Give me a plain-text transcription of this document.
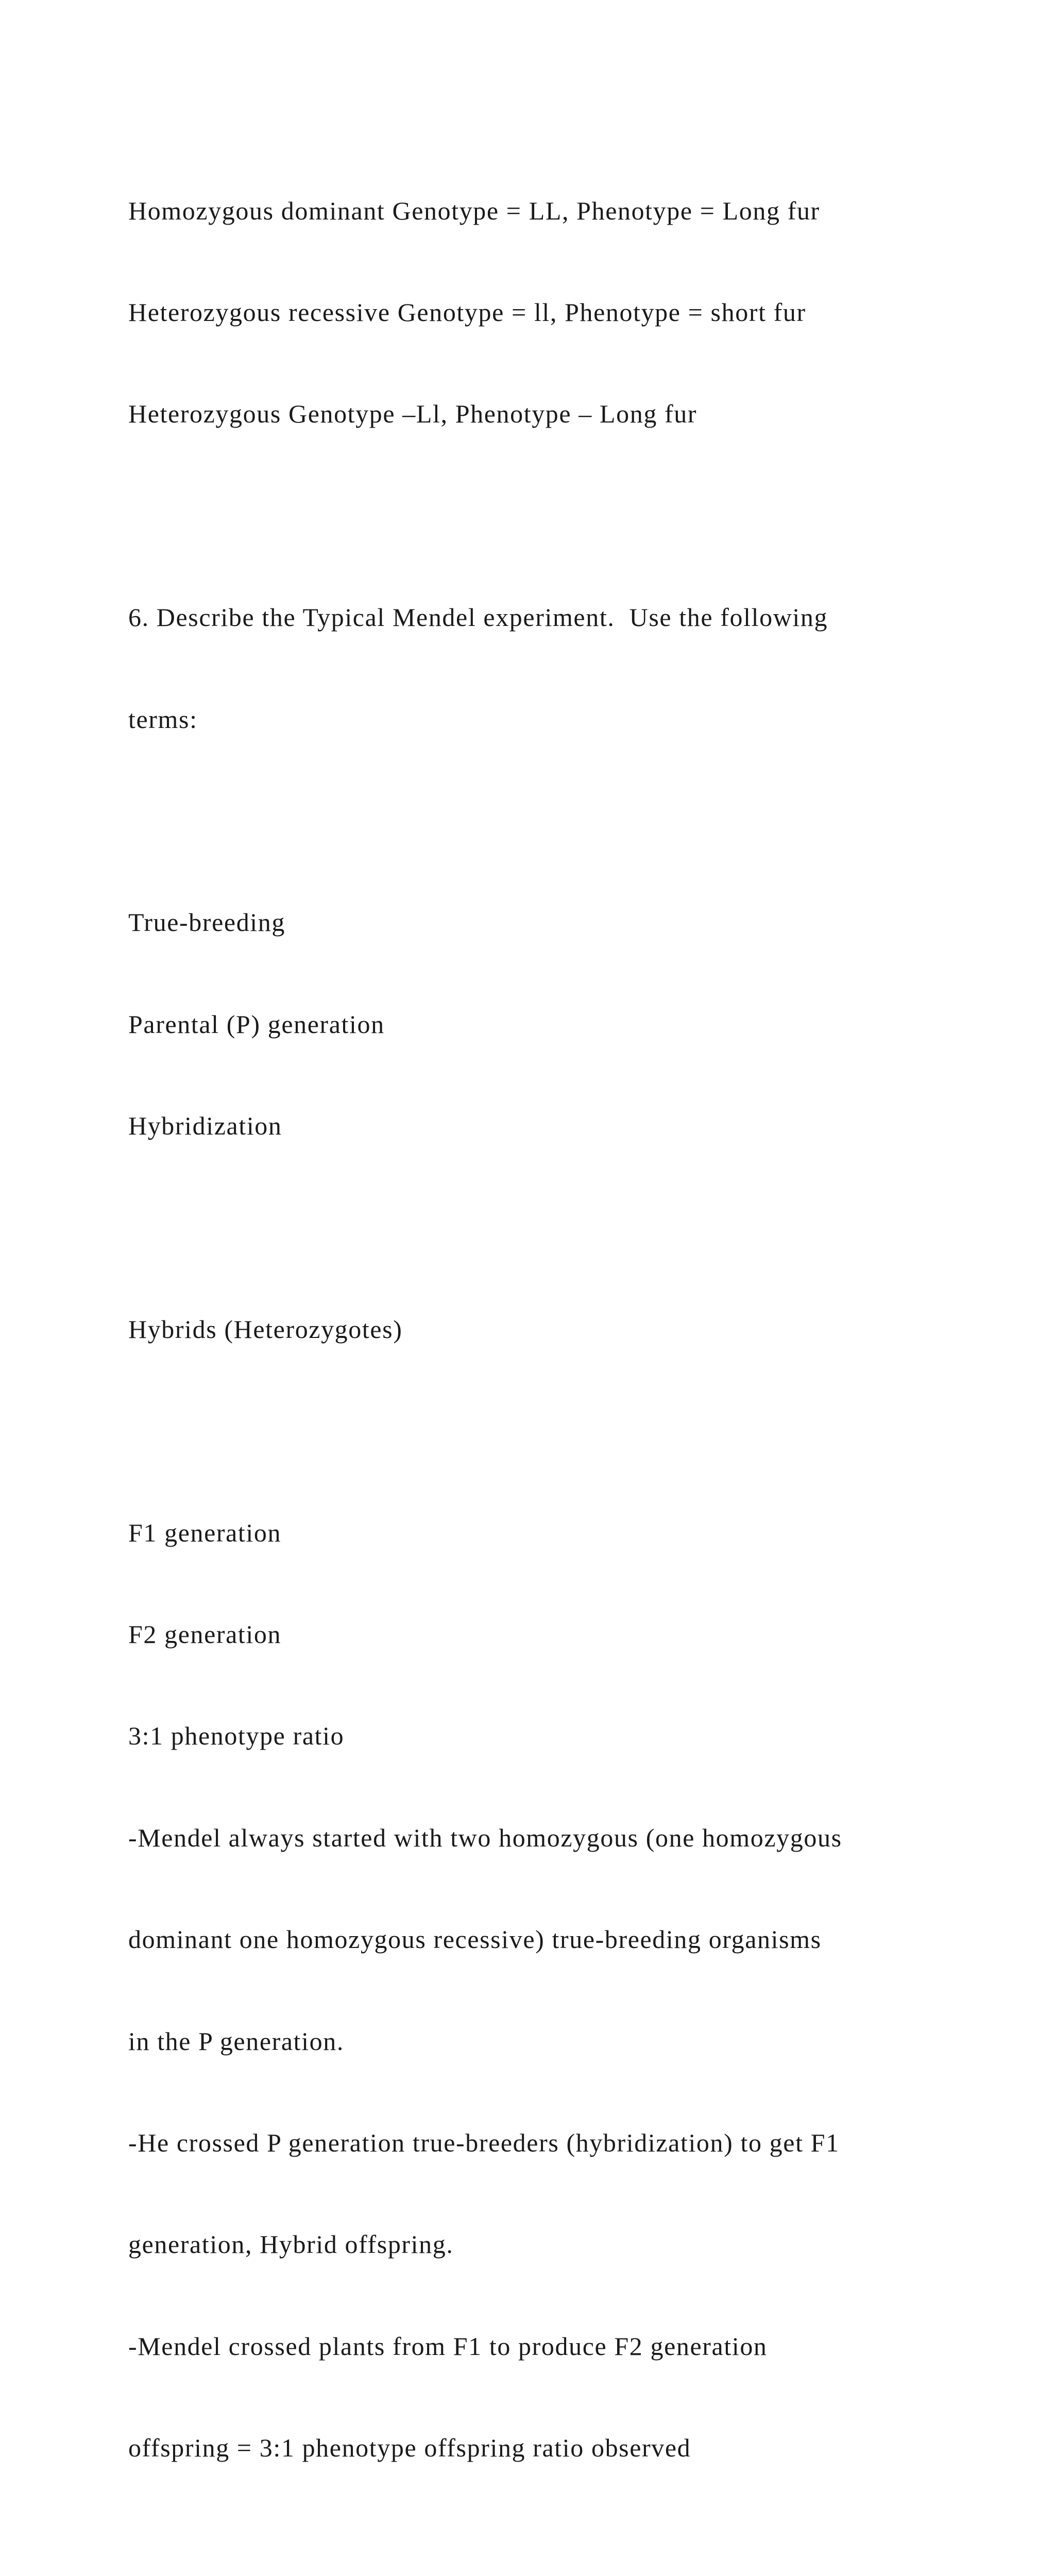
Homozygous dominant Genotype = LL, Phenotype = Long fur

Heterozygous recessive Genotype = ll, Phenotype = short fur

Heterozygous Genotype –Ll, Phenotype – Long fur

6. Describe the Typical Mendel experiment.  Use the following

terms:

True-breeding

Parental (P) generation

Hybridization

Hybrids (Heterozygotes)

F1 generation

F2 generation

3:1 phenotype ratio

-Mendel always started with two homozygous (one homozygous

dominant one homozygous recessive) true-breeding organisms

in the P generation.

-He crossed P generation true-breeders (hybridization) to get F1

generation, Hybrid offspring.

-Mendel crossed plants from F1 to produce F2 generation

offspring = 3:1 phenotype offspring ratio observed
